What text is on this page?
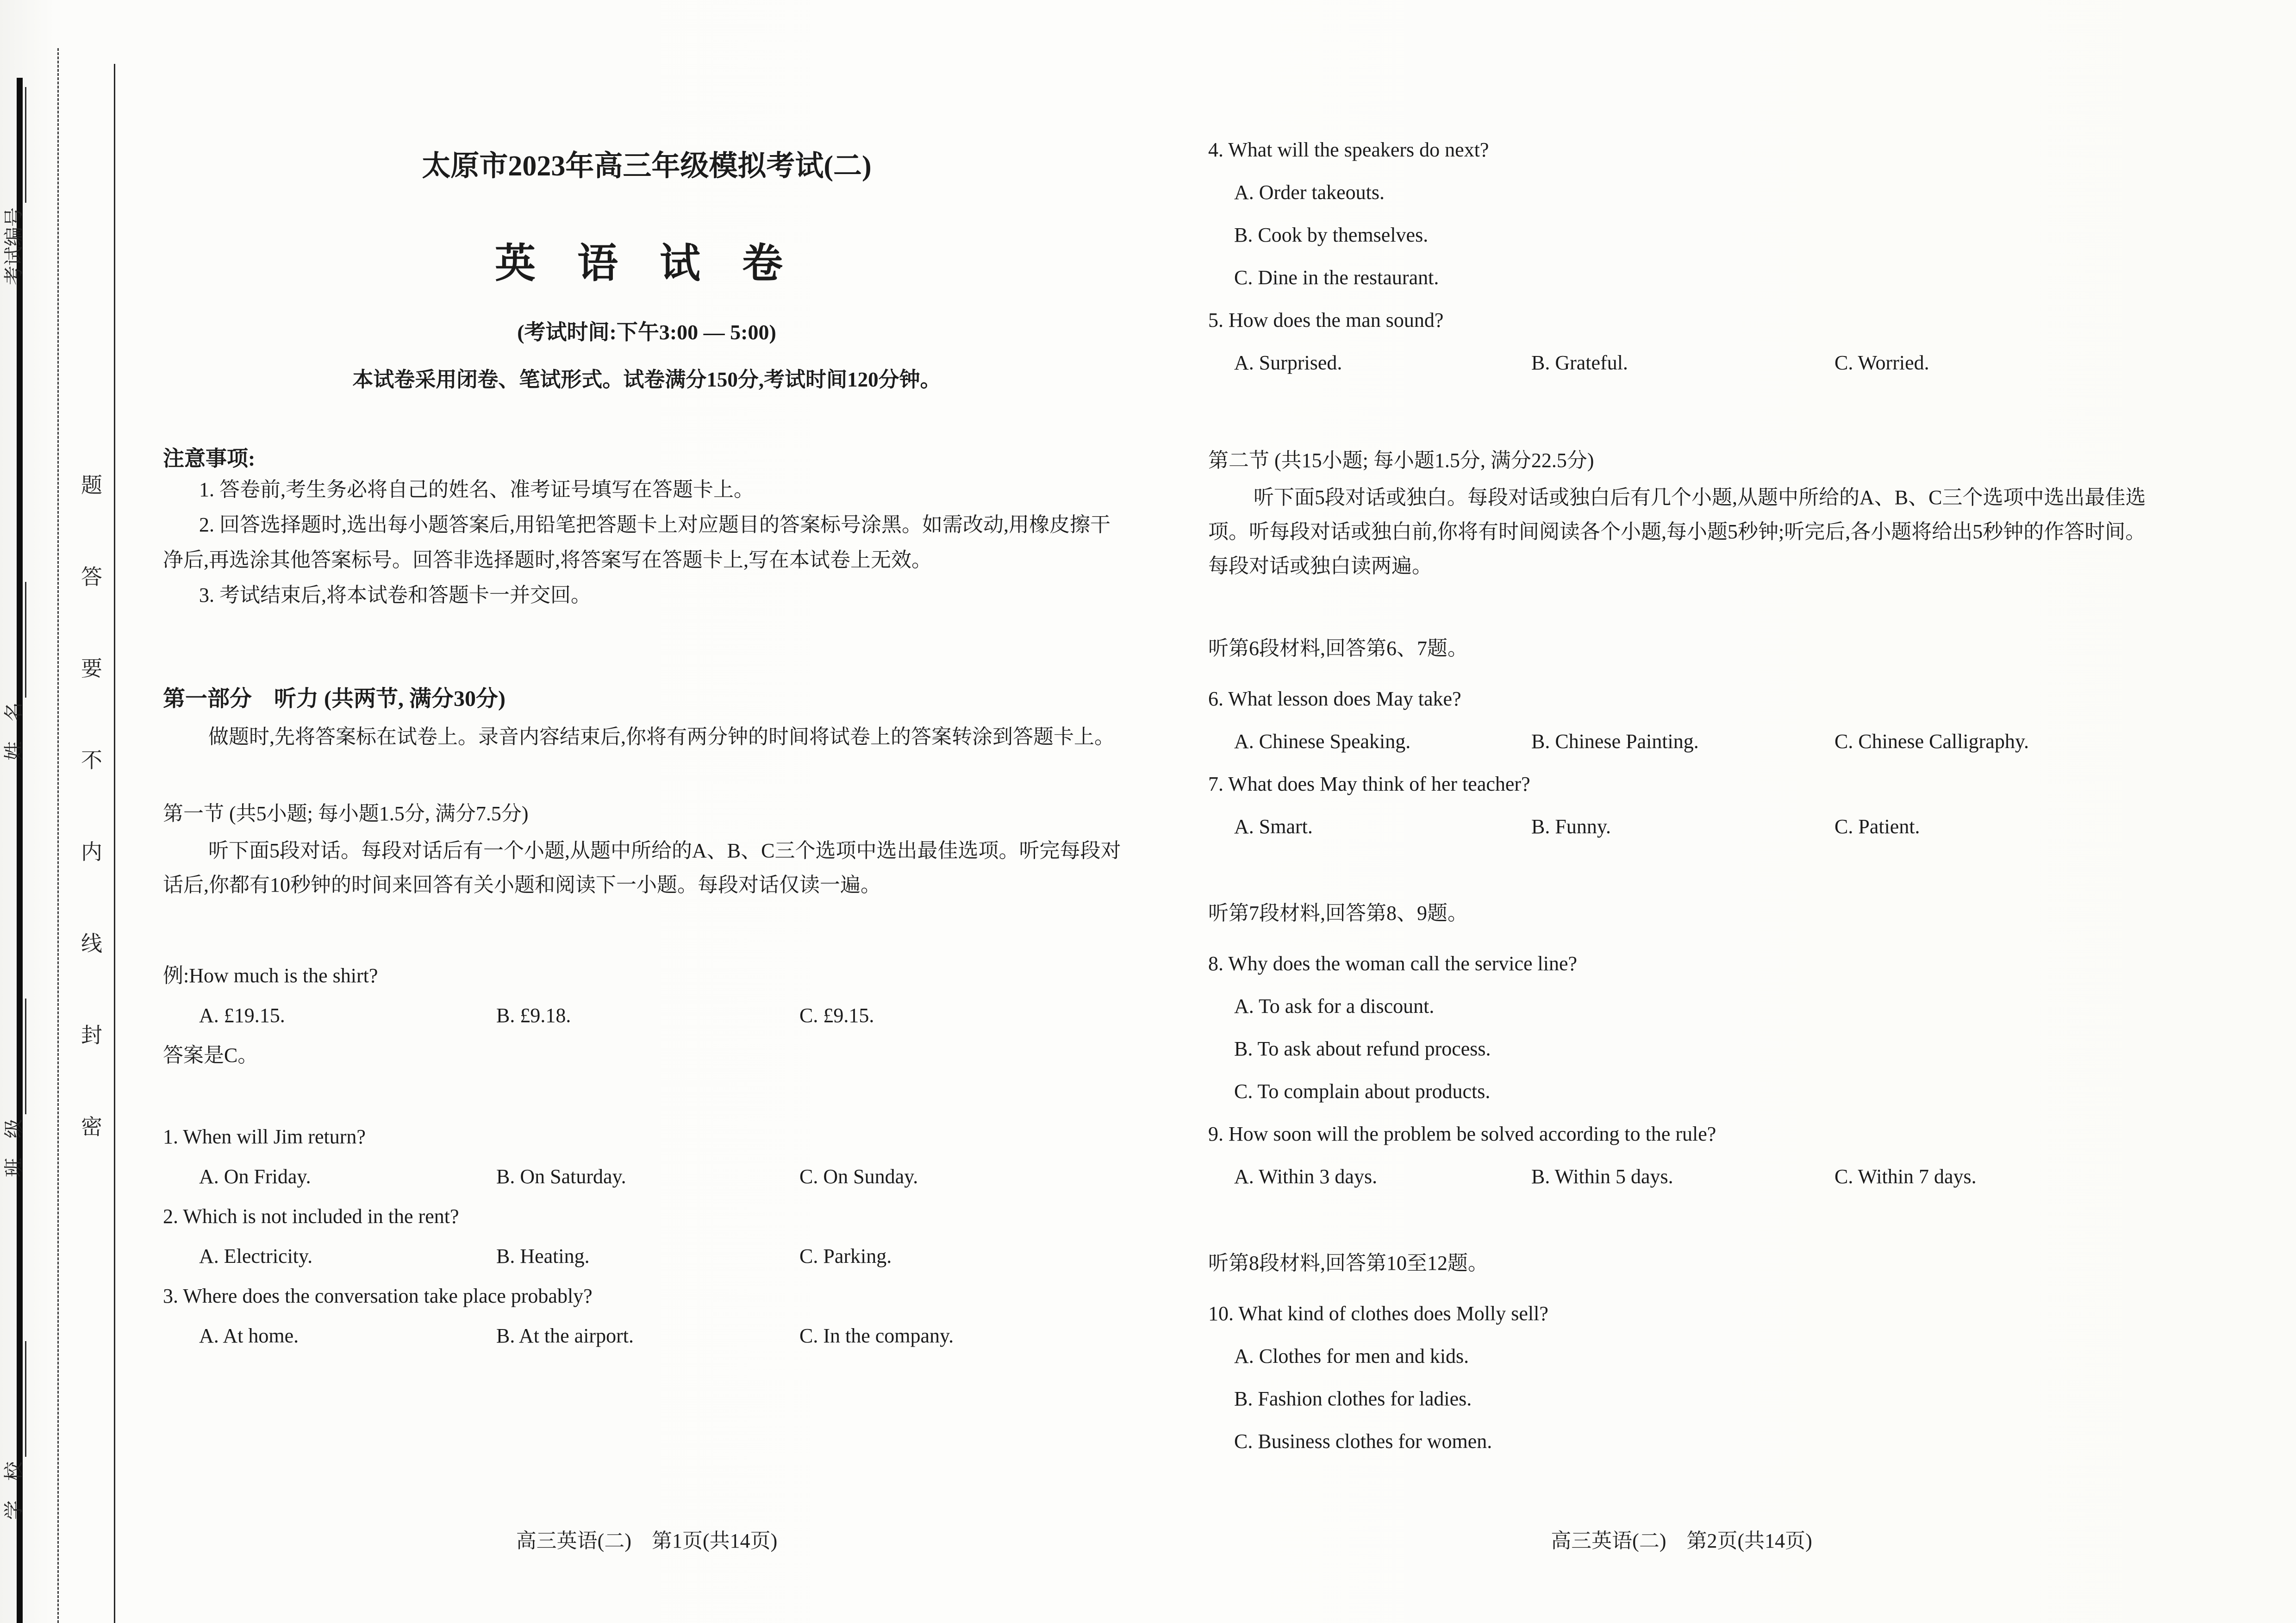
考试编号
姓　名
班　级
学　校
题
答
要
不
内
线
封
密
太原市2023年高三年级模拟考试(二)
英 语 试 卷

(考试时间:下午3:00 — 5:00)

本试卷采用闭卷、笔试形式。试卷满分150分,考试时间120分钟。

注意事项:

1. 答卷前,考生务必将自己的姓名、准考证号填写在答题卡上。

2. 回答选择题时,选出每小题答案后,用铅笔把答题卡上对应题目的答案标号涂黑。如需改动,用橡皮擦干净后,再选涂其他答案标号。回答非选择题时,将答案写在答题卡上,写在本试卷上无效。

3. 考试结束后,将本试卷和答题卡一并交回。

第一部分　听力 (共两节, 满分30分)

做题时,先将答案标在试卷上。录音内容结束后,你将有两分钟的时间将试卷上的答案转涂到答题卡上。

第一节 (共5小题; 每小题1.5分, 满分7.5分)

听下面5段对话。每段对话后有一个小题,从题中所给的A、B、C三个选项中选出最佳选项。听完每段对话后,你都有10秒钟的时间来回答有关小题和阅读下一小题。每段对话仅读一遍。

例:How much is the shirt?

A. £19.15.	B. £9.18.	C. £9.15.

答案是C。

1. When will Jim return?

A. On Friday.	B. On Saturday.	C. On Sunday.

2. Which is not included in the rent?

A. Electricity.	B. Heating.	C. Parking.

3. Where does the conversation take place probably?

A. At home.	B. At the airport.	C. In the company.
高三英语(二)　第1页(共14页)

4. What will the speakers do next?

A. Order takeouts.

B. Cook by themselves.

C. Dine in the restaurant.

5. How does the man sound?

A. Surprised.	B. Grateful.	C. Worried.

第二节 (共15小题; 每小题1.5分, 满分22.5分)

听下面5段对话或独白。每段对话或独白后有几个小题,从题中所给的A、B、C三个选项中选出最佳选项。听每段对话或独白前,你将有时间阅读各个小题,每小题5秒钟;听完后,各小题将给出5秒钟的作答时间。每段对话或独白读两遍。

听第6段材料,回答第6、7题。

6. What lesson does May take?

A. Chinese Speaking.	B. Chinese Painting.	C. Chinese Calligraphy.

7. What does May think of her teacher?

A. Smart.	B. Funny.	C. Patient.

听第7段材料,回答第8、9题。

8. Why does the woman call the service line?

A. To ask for a discount.

B. To ask about refund process.

C. To complain about products.

9. How soon will the problem be solved according to the rule?

A. Within 3 days.	B. Within 5 days.	C. Within 7 days.

听第8段材料,回答第10至12题。

10. What kind of clothes does Molly sell?

A. Clothes for men and kids.

B. Fashion clothes for ladies.

C. Business clothes for women.

高三英语(二)　第2页(共14页)
